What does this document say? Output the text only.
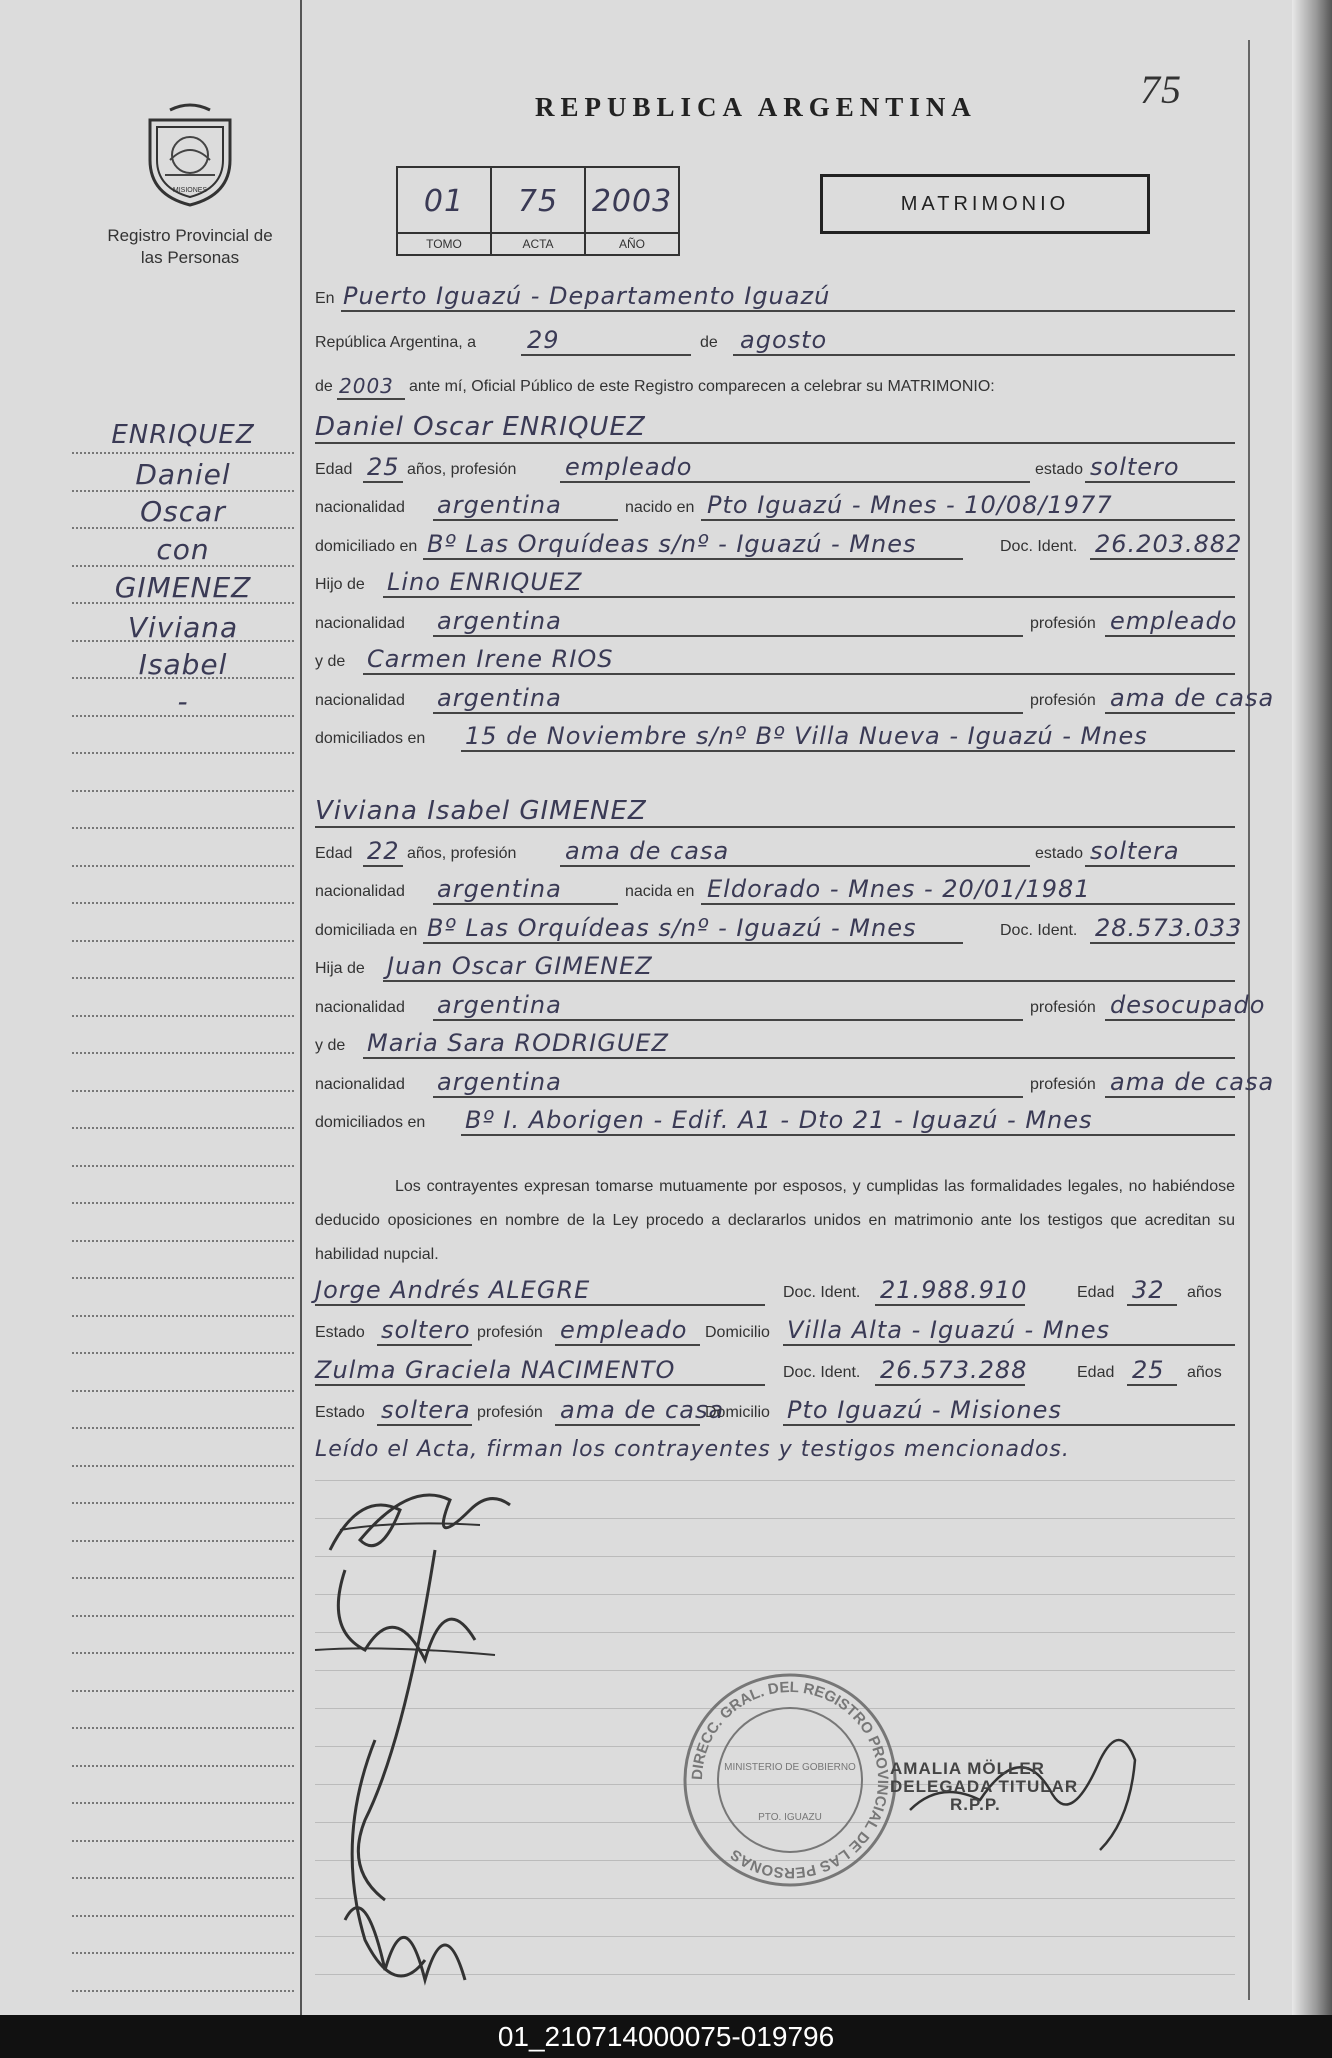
MISIONES
Registro Provincial de las Personas
ENRIQUEZ
Daniel
Oscar
con
GIMENEZ
Viviana
Isabel
-
REPUBLICA ARGENTINA	75
01
TOMO
75
ACTA
2003
AÑO
MATRIMONIO
En Puerto Iguazú - Departamento Iguazú
República Argentina, a 29	de agosto
de 2003 ante mí, Oficial Público de este Registro comparecen a celebrar su MATRIMONIO:
Daniel Oscar ENRIQUEZ
Edad 25 años, profesión empleado	estado soltero
nacionalidad argentina	nacido en Pto Iguazú - Mnes - 10/08/1977
domiciliado en Bº Las Orquídeas s/nº - Iguazú - Mnes	Doc. Ident. 26.203.882
Hijo de Lino ENRIQUEZ
nacionalidad argentina	profesión empleado
y de Carmen Irene RIOS
nacionalidad argentina	profesión ama de casa
domiciliados en 15 de Noviembre s/nº Bº Villa Nueva - Iguazú - Mnes
Viviana Isabel GIMENEZ
Edad 22 años, profesión ama de casa	estado soltera
nacionalidad argentina	nacida en Eldorado - Mnes - 20/01/1981
domiciliada en Bº Las Orquídeas s/nº - Iguazú - Mnes	Doc. Ident. 28.573.033
Hija de Juan Oscar GIMENEZ
nacionalidad argentina	profesión desocupado
y de Maria Sara RODRIGUEZ
nacionalidad argentina	profesión ama de casa
domiciliados en Bº I. Aborigen - Edif. A1 - Dto 21 - Iguazú - Mnes
Los contrayentes expresan tomarse mutuamente por esposos, y cumplidas las formalidades legales, no habiéndose deducido oposiciones en nombre de la Ley procedo a declararlos unidos en matrimonio ante los testigos que acreditan su habilidad nupcial.
Jorge Andrés ALEGRE	Doc. Ident. 21.988.910	Edad 32 años
Estado soltero profesión empleado Domicilio Villa Alta - Iguazú - Mnes
Zulma Graciela NACIMENTO	Doc. Ident. 26.573.288	Edad 25 años
Estado soltera profesión ama de casa
Domicilio Pto Iguazú - Misiones
Leído el Acta, firman los contrayentes y testigos mencionados.
DIRECC. GRAL. DEL REGISTRO PROVINCIAL DE LAS PERSONAS
MINISTERIO DE GOBIERNO
PTO. IGUAZU
AMALIA MÖLLER
DELEGADA TITULAR
R.P.P.
01_210714000075-019796
